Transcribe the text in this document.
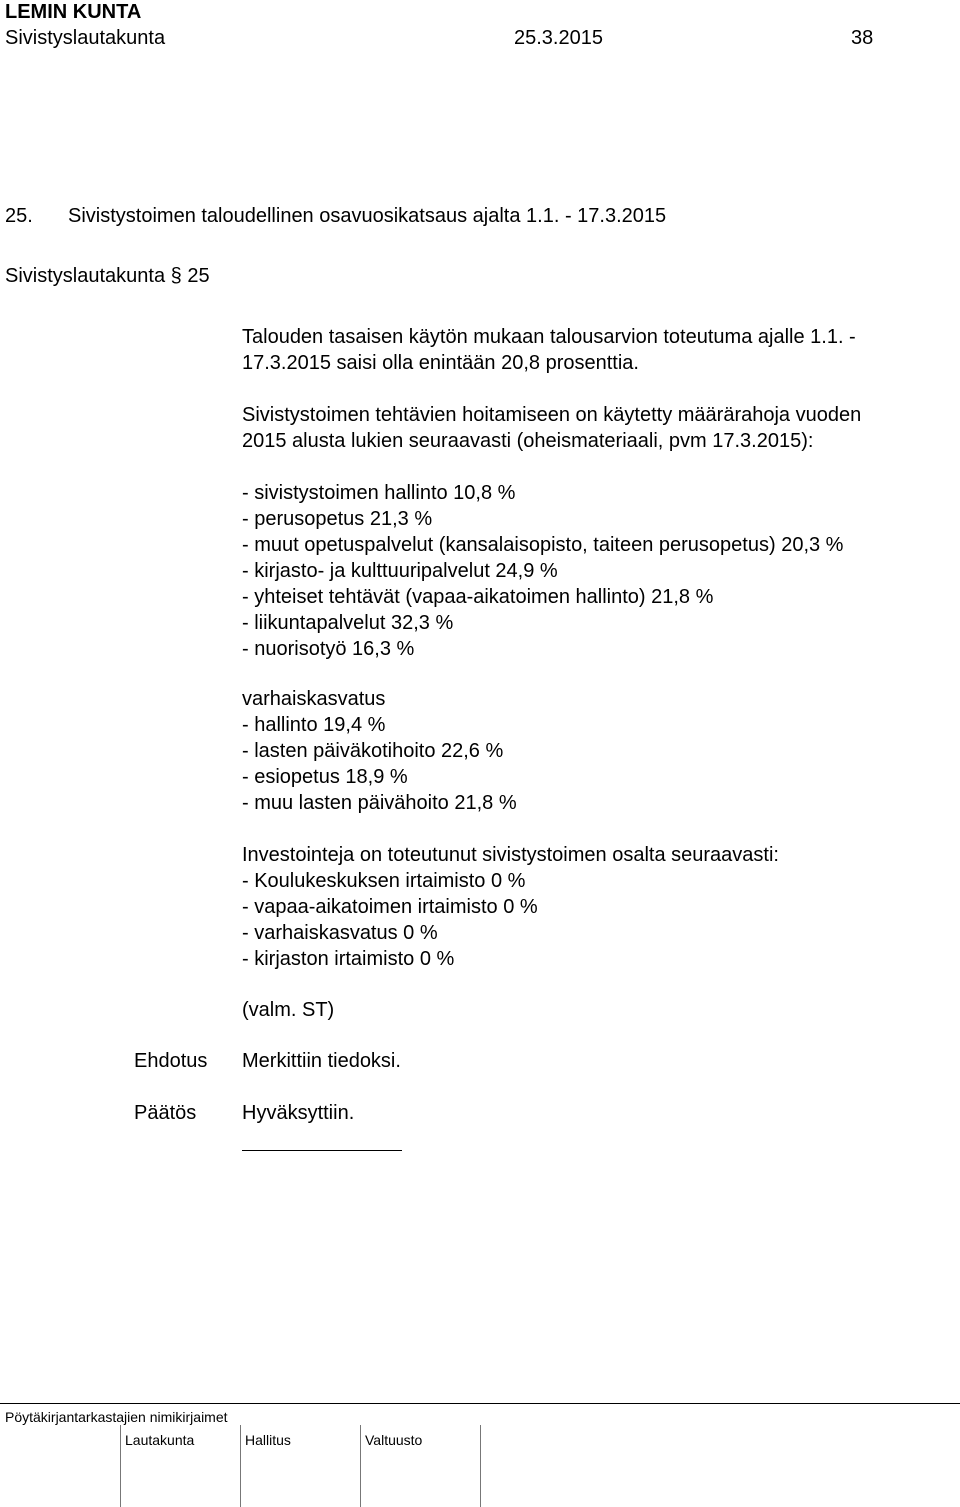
LEMIN KUNTA
Sivistyslautakunta	25.3.2015	38
25. Sivistystoimen taloudellinen osavuosikatsaus ajalta 1.1. - 17.3.2015
Sivistyslautakunta § 25
Talouden tasaisen käytön mukaan talousarvion toteutuma ajalle 1.1. -
17.3.2015 saisi olla enintään 20,8 prosenttia.
Sivistystoimen tehtävien hoitamiseen on käytetty määrärahoja vuoden
2015 alusta lukien seuraavasti (oheismateriaali, pvm 17.3.2015):
- sivistystoimen hallinto 10,8 %
- perusopetus 21,3 %
- muut opetuspalvelut (kansalaisopisto, taiteen perusopetus) 20,3 %
- kirjasto- ja kulttuuripalvelut 24,9 %
- yhteiset tehtävät (vapaa-aikatoimen hallinto) 21,8 %
- liikuntapalvelut 32,3 %
- nuorisotyö 16,3 %
varhaiskasvatus
- hallinto 19,4 %
- lasten päiväkotihoito 22,6 %
- esiopetus 18,9 %
- muu lasten päivähoito 21,8 %
Investointeja on toteutunut sivistystoimen osalta seuraavasti:
- Koulukeskuksen irtaimisto 0 %
- vapaa-aikatoimen irtaimisto 0 %
- varhaiskasvatus 0 %
- kirjaston irtaimisto 0 %
(valm. ST)
Ehdotus Merkittiin tiedoksi.
Päätös Hyväksyttiin.
Pöytäkirjantarkastajien nimikirjaimet
Lautakunta	Hallitus	Valtuusto
